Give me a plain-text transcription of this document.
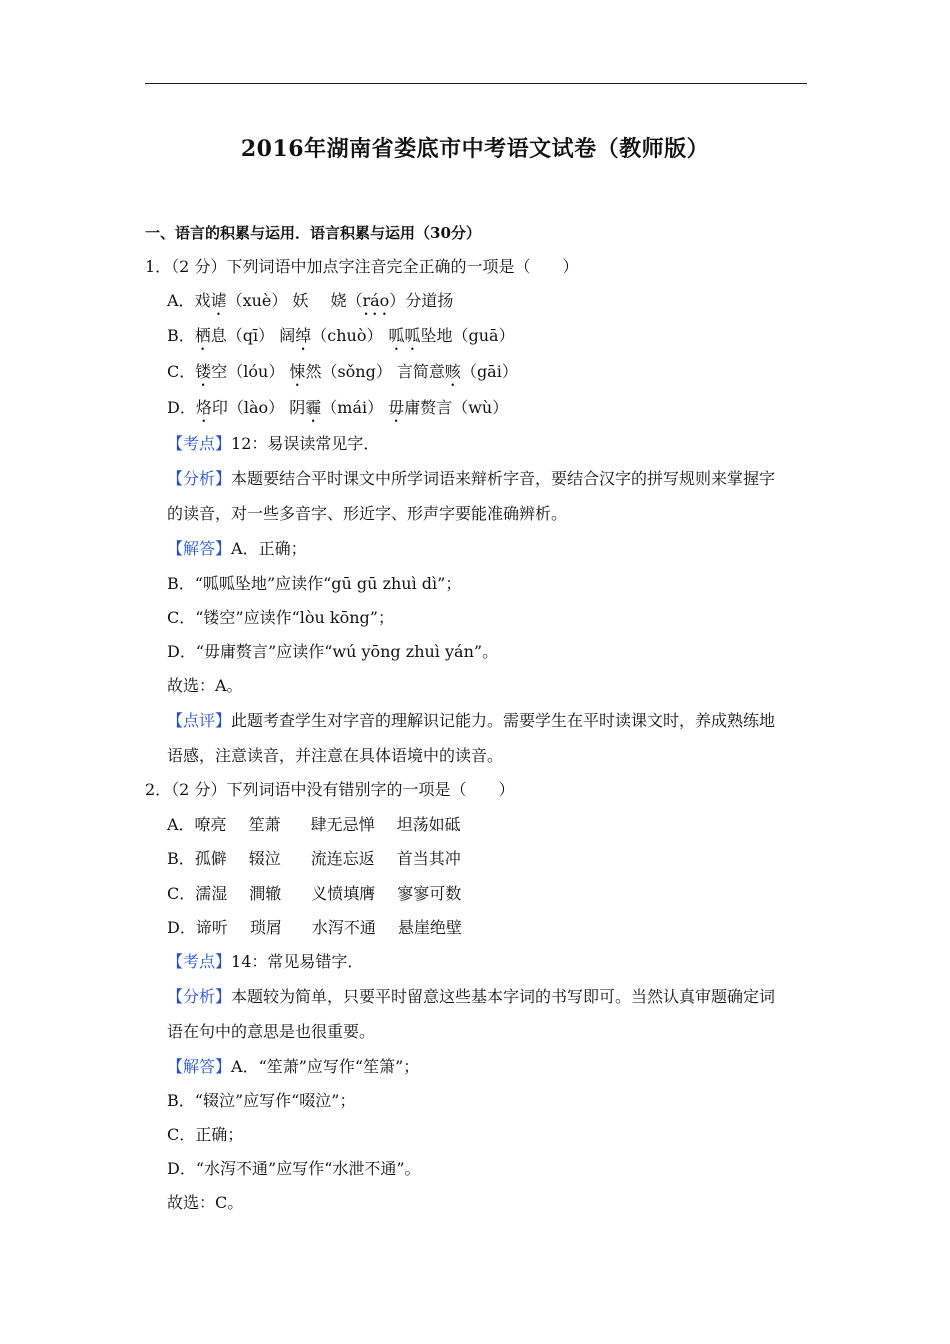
2016年湖南省娄底市中考语文试卷（教师版）
一、语言的积累与运用．语言积累与运用（30分）
1．（2 分）下列词语中加点字注音完全正确的一项是（　　）
A．戏谑（xuè） 妖 娆（ráo）分道扬
B．栖息（qī） 阔绰（chuò） 呱呱坠地（guā）
C．镂空（lóu） 悚然（sǒng） 言简意赅（gāi）
D．烙印（lào） 阴霾（mái） 毋庸赘言（wù）
【考点】12：易误读常见字．
【分析】本题要结合平时课文中所学词语来辩析字音，要结合汉字的拼写规则来掌握字
的读音，对一些多音字、形近字、形声字要能准确辨析。
【解答】A．正确；
B．“呱呱坠地”应读作“gū gū zhuì dì”；
C．“镂空”应读作“lòu kōng”；
D．“毋庸赘言”应读作“wú yōng zhuì yán”。
故选：A。
【点评】此题考查学生对字音的理解识记能力。需要学生在平时读课文时，养成熟练地
语感，注意读音，并注意在具体语境中的读音。
2．（2 分）下列词语中没有错别字的一项是（　　）
A．嘹亮 笙萧 肆无忌惮 坦荡如砥
B．孤僻 辍泣 流连忘返 首当其冲
C．濡湿 澗辙 义愤填膺 寥寥可数
D．谛听 琐屑 水泻不通 悬崖绝壁
【考点】14：常见易错字．
【分析】本题较为简单，只要平时留意这些基本字词的书写即可。当然认真审题确定词
语在句中的意思是也很重要。
【解答】A．“笙萧”应写作“笙箫”；
B．“辍泣”应写作“啜泣”；
C．正确；
D．“水泻不通”应写作“水泄不通”。
故选：C。
